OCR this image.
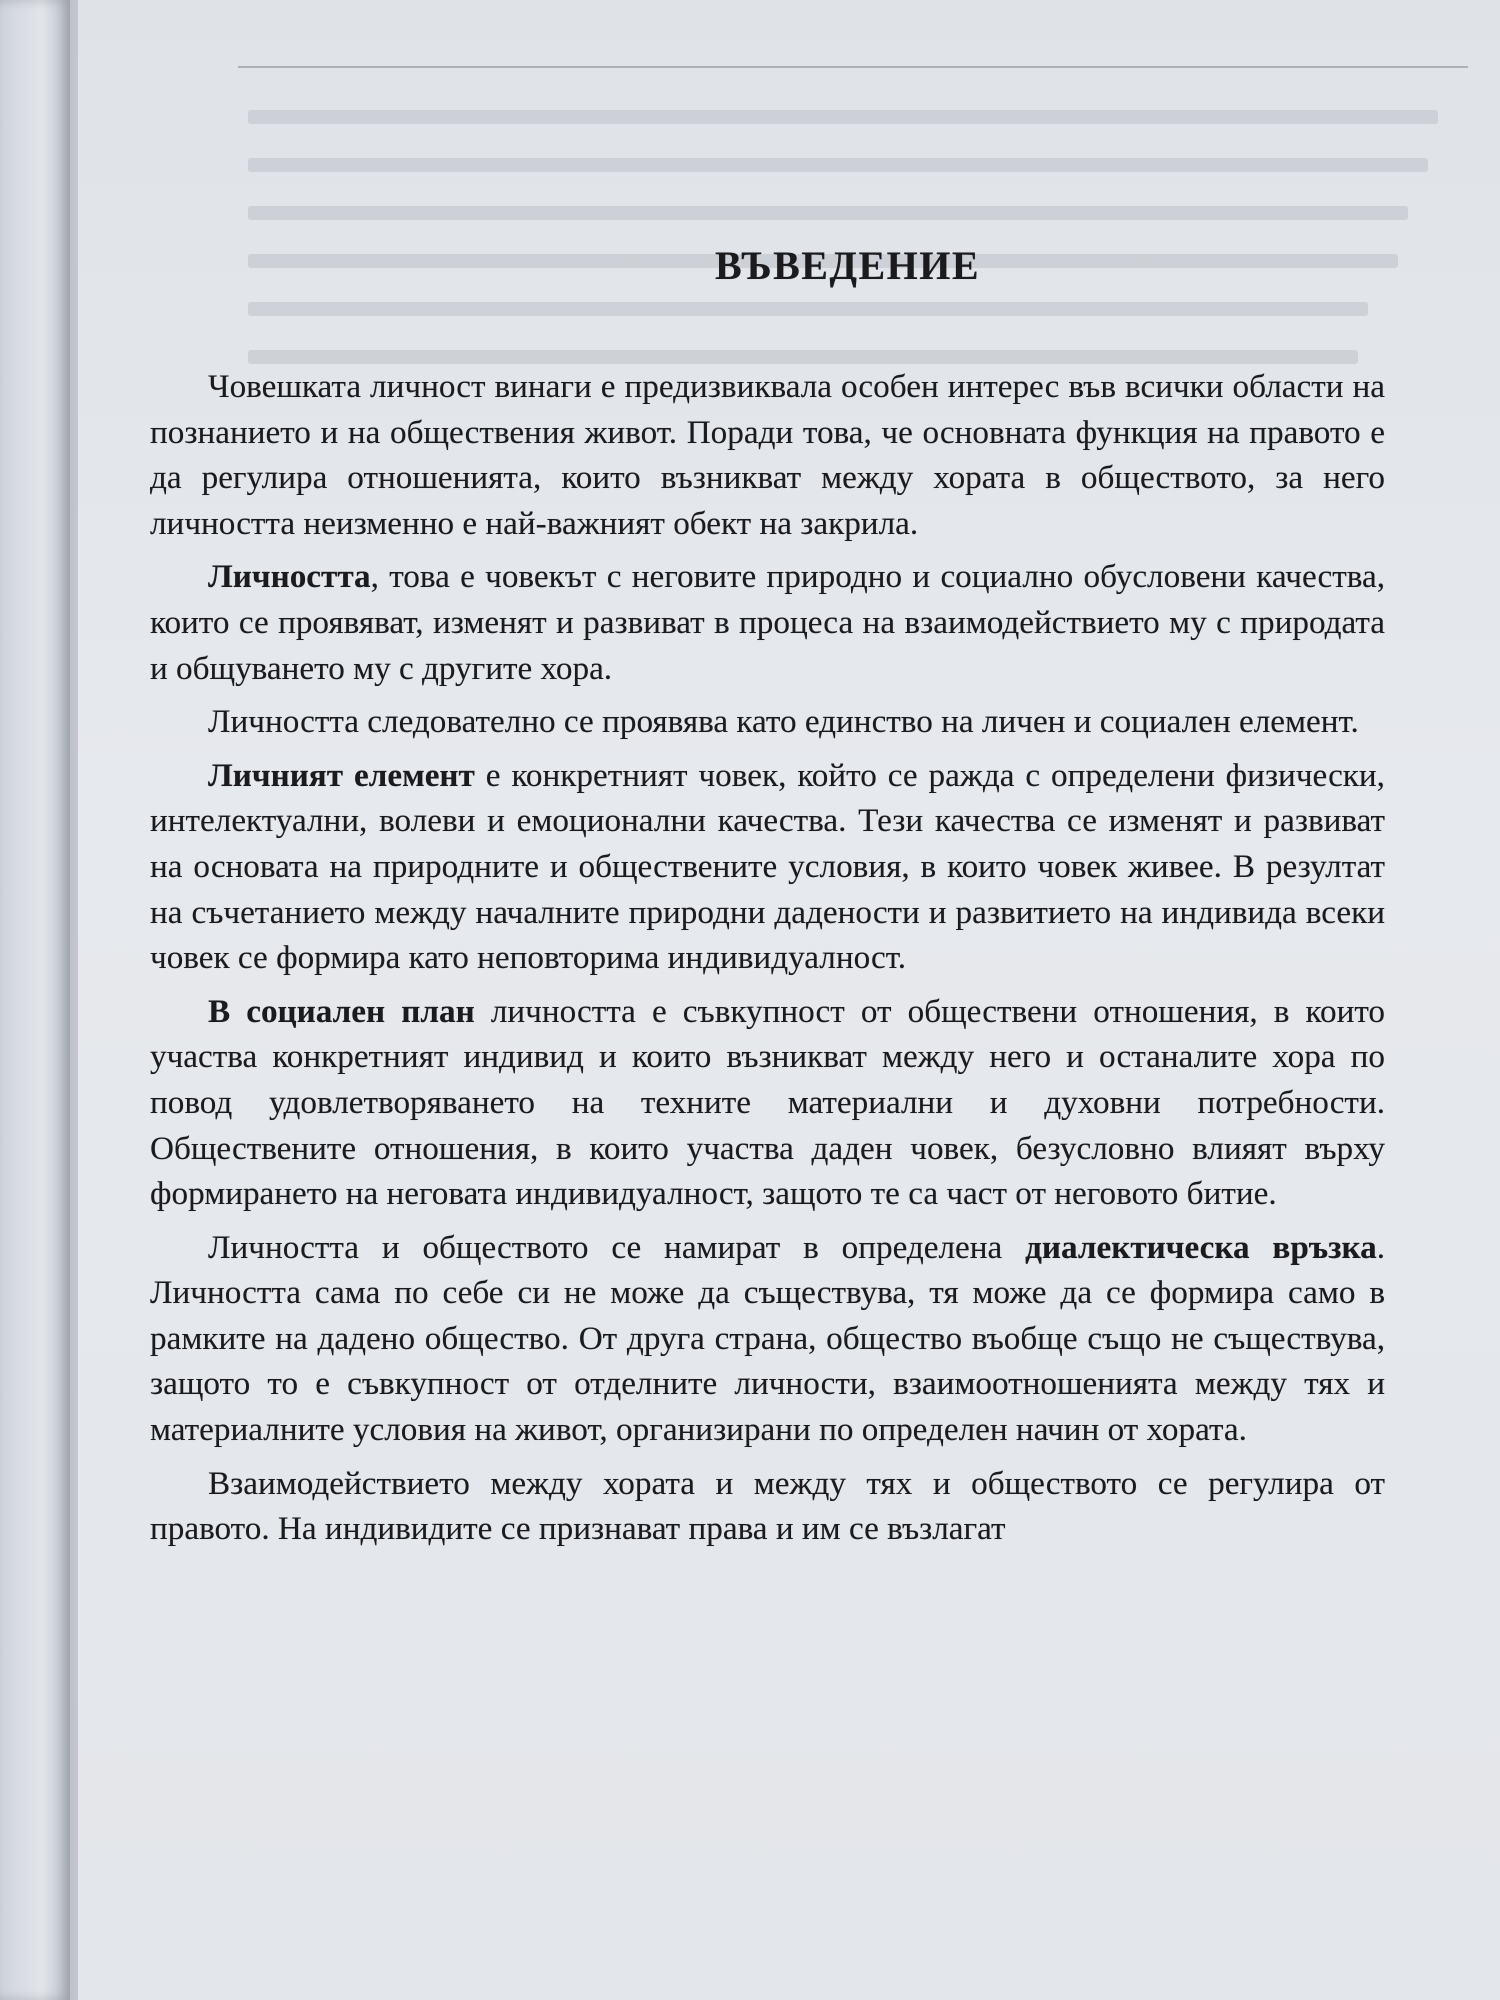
ВЪВЕДЕНИЕ

Човешката личност винаги е предизвиквала особен интерес във всички области на познанието и на обществения живот. Поради това, че основната функция на правото е да регулира отношенията, които възникват между хората в обществото, за него личността неизменно е най-важният обект на закрила.

Личността, това е човекът с неговите природно и социално обусловени качества, които се проявяват, изменят и развиват в процеса на взаимодействието му с природата и общуването му с другите хора.

Личността следователно се проявява като единство на личен и социален елемент.

Личният елемент е конкретният човек, който се ражда с определени физически, интелектуални, волеви и емоционални качества. Тези качества се изменят и развиват на основата на природните и обществените условия, в които човек живее. В резултат на съчетанието между началните природни дадености и развитието на индивида всеки човек се формира като неповторима индивидуалност.

В социален план личността е съвкупност от обществени отношения, в които участва конкретният индивид и които възникват между него и останалите хора по повод удовлетворяването на техните материални и духовни потребности. Обществените отношения, в които участва даден човек, безусловно влияят върху формирането на неговата индивидуалност, защото те са част от неговото битие.

Личността и обществото се намират в определена диалектическа връзка. Личността сама по себе си не може да съществува, тя може да се формира само в рамките на дадено общество. От друга страна, общество въобще също не съществува, защото то е съвкупност от отделните личности, взаимоотношенията между тях и материалните условия на живот, организирани по определен начин от хората.

Взаимодействието между хората и между тях и обществото се регулира от правото. На индивидите се признават права и им се възлагат
